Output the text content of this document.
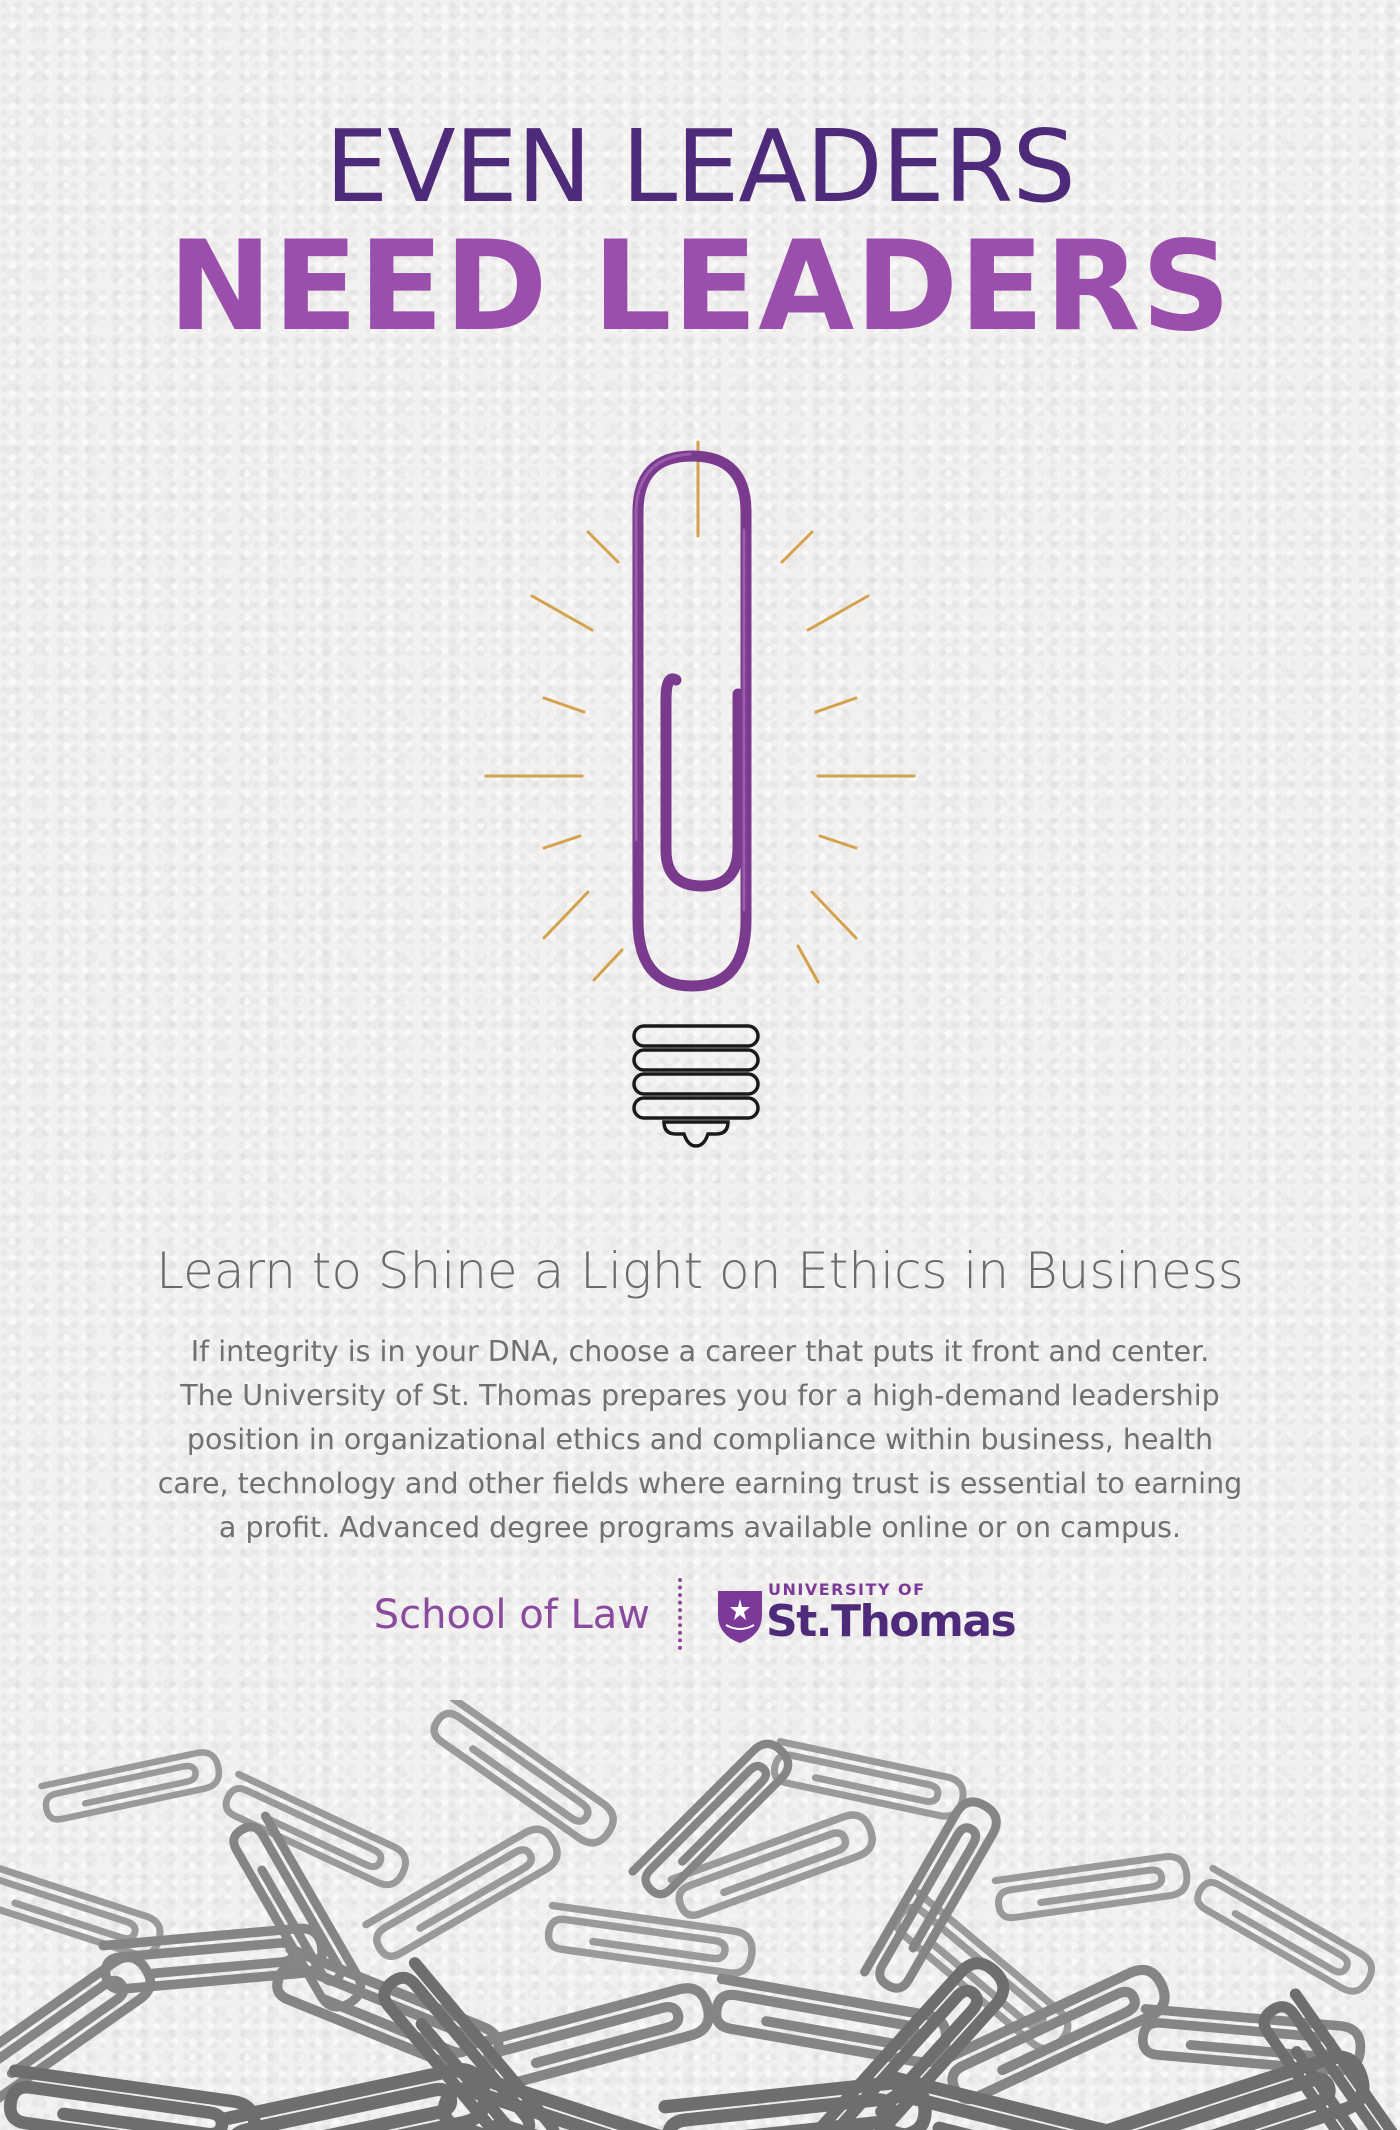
EVEN LEADERS
NEED LEADERS
Learn to Shine a Light on Ethics in Business

If integrity is in your DNA, choose a career that puts it front and center.
The University of St. Thomas prepares you for a high-demand leadership
position in organizational ethics and compliance within business, health
care, technology and other fields where earning trust is essential to earning
a profit. Advanced degree programs available online or on campus.

School of Law
UNIVERSITY OF
St.Thomas
